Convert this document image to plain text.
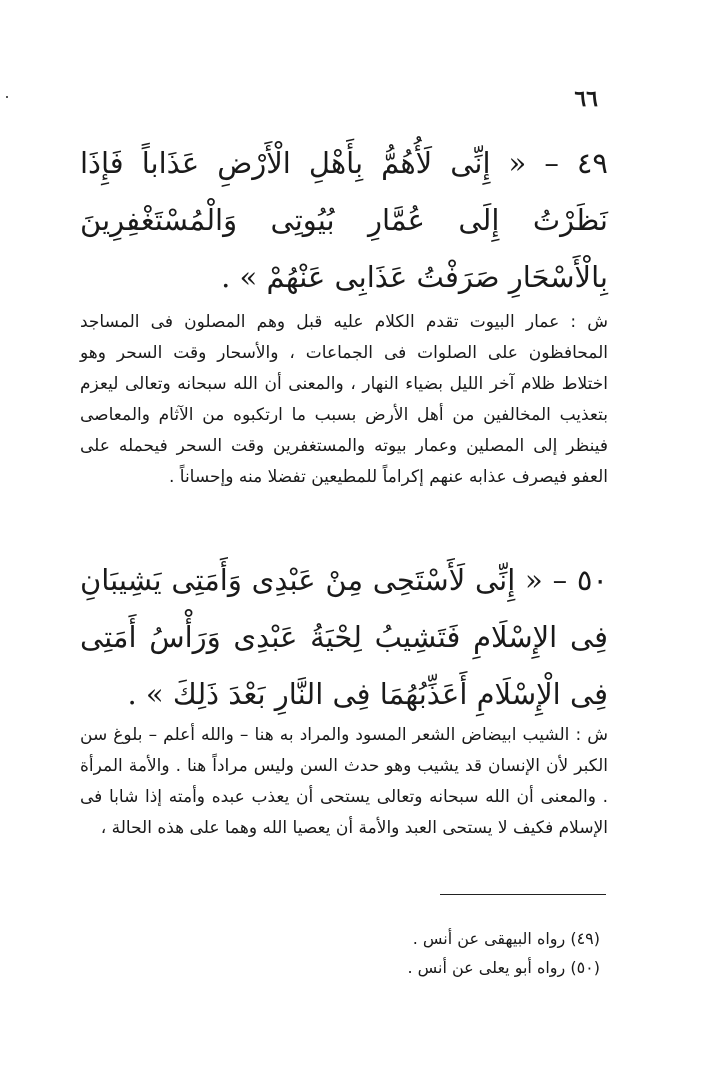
٦٦
٤٩ – « إِنِّى لَأُهُمُّ بِأَهْلِ الْأَرْضِ عَذَاباً فَإِذَا نَظَرْتُ إِلَى عُمَّارِ بُيُوتِى وَالْمُسْتَغْفِرِينَ بِالْأَسْحَارِ صَرَفْتُ عَذَابِى عَنْهُمْ » .
ش : عمار البيوت تقدم الكلام عليه قبل وهم المصلون فى المساجد المحافظون على الصلوات فى الجماعات ، والأسحار وقت السحر وهو اختلاط ظلام آخر الليل بضياء النهار ، والمعنى أن الله سبحانه وتعالى ليعزم بتعذيب المخالفين من أهل الأرض بسبب ما ارتكبوه من الآثام والمعاصى فينظر إلى المصلين وعمار بيوته والمستغفرين وقت السحر فيحمله على العفو فيصرف عذابه عنهم إكراماً للمطيعين تفضلا منه وإحساناً .
٥٠ – « إِنِّى لَأَسْتَحِى مِنْ عَبْدِى وَأَمَتِى يَشِيبَانِ فِى الإِسْلَامِ فَتَشِيبُ لِحْيَةُ عَبْدِى وَرَأْسُ أَمَتِى فِى الْإِسْلَامِ أَعَذِّبُهُمَا فِى النَّارِ بَعْدَ ذَلِكَ » .
ش : الشيب ابيضاض الشعر المسود والمراد به هنا – والله أعلم – بلوغ سن الكبر لأن الإنسان قد يشيب وهو حدث السن وليس مراداً هنا . والأمة المرأة . والمعنى أن الله سبحانه وتعالى يستحى أن يعذب عبده وأمته إذا شابا فى الإسلام فكيف لا يستحى العبد والأمة أن يعصيا الله وهما على هذه الحالة ،
(٤٩) رواه البيهقى عن أنس .
(٥٠) رواه أبو يعلى عن أنس .
